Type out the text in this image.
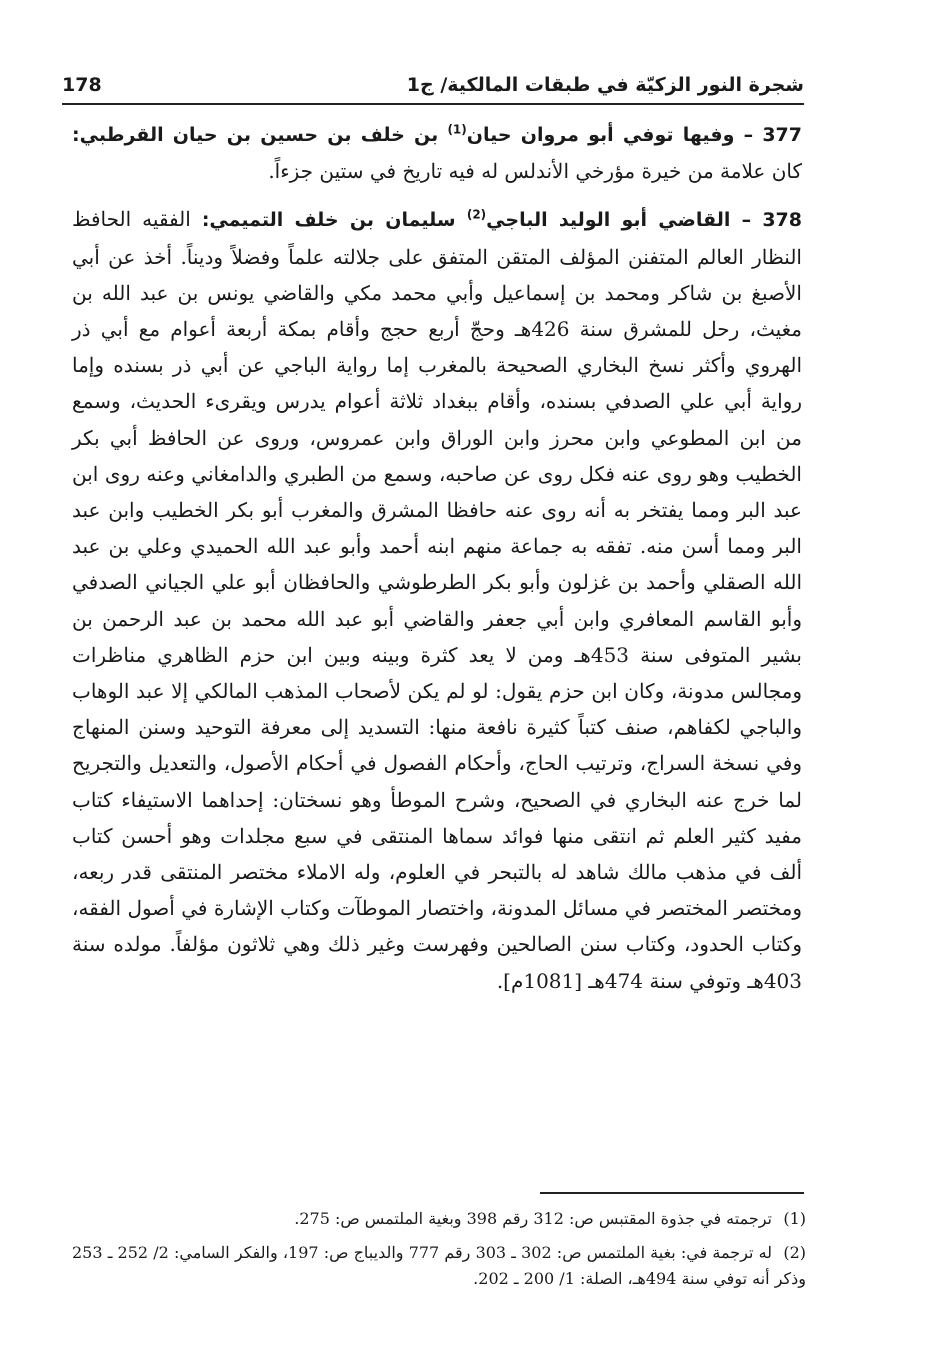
شجرة النور الزكيّة في طبقات المالكية/ ج1
178

377 – وفيها توفي أبو مروان حيان$^{(1)}$ بن خلف بن حسين بن حيان القرطبي: كان علامة من خيرة مؤرخي الأندلس له فيه تاريخ في ستين جزءاً.

378 – القاضي أبو الوليد الباجي$^{(2)}$ سليمان بن خلف التميمي: الفقيه الحافظ النظار العالم المتفنن المؤلف المتقن المتفق على جلالته علماً وفضلاً وديناً. أخذ عن أبي الأصبغ بن شاكر ومحمد بن إسماعيل وأبي محمد مكي والقاضي يونس بن عبد الله بن مغيث، رحل للمشرق سنة 426هـ وحجّ أربع حجج وأقام بمكة أربعة أعوام مع أبي ذر الهروي وأكثر نسخ البخاري الصحيحة بالمغرب إما رواية الباجي عن أبي ذر بسنده وإما رواية أبي علي الصدفي بسنده، وأقام ببغداد ثلاثة أعوام يدرس ويقرىء الحديث، وسمع من ابن المطوعي وابن محرز وابن الوراق وابن عمروس، وروى عن الحافظ أبي بكر الخطيب وهو روى عنه فكل روى عن صاحبه، وسمع من الطبري والدامغاني وعنه روى ابن عبد البر ومما يفتخر به أنه روى عنه حافظا المشرق والمغرب أبو بكر الخطيب وابن عبد البر ومما أسن منه. تفقه به جماعة منهم ابنه أحمد وأبو عبد الله الحميدي وعلي بن عبد الله الصقلي وأحمد بن غزلون وأبو بكر الطرطوشي والحافظان أبو علي الجياني الصدفي وأبو القاسم المعافري وابن أبي جعفر والقاضي أبو عبد الله محمد بن عبد الرحمن بن بشير المتوفى سنة 453هـ ومن لا يعد كثرة وبينه وبين ابن حزم الظاهري مناظرات ومجالس مدونة، وكان ابن حزم يقول: لو لم يكن لأصحاب المذهب المالكي إلا عبد الوهاب والباجي لكفاهم، صنف كتباً كثيرة نافعة منها: التسديد إلى معرفة التوحيد وسنن المنهاج وفي نسخة السراج، وترتيب الحاج، وأحكام الفصول في أحكام الأصول، والتعديل والتجريح لما خرج عنه البخاري في الصحيح، وشرح الموطأ وهو نسختان: إحداهما الاستيفاء كتاب مفيد كثير العلم ثم انتقى منها فوائد سماها المنتقى في سبع مجلدات وهو أحسن كتاب ألف في مذهب مالك شاهد له بالتبحر في العلوم، وله الاملاء مختصر المنتقى قدر ربعه، ومختصر المختصر في مسائل المدونة، واختصار الموطآت وكتاب الإشارة في أصول الفقه، وكتاب الحدود، وكتاب سنن الصالحين وفهرست وغير ذلك وهي ثلاثون مؤلفاً. مولده سنة 403هـ وتوفي سنة 474هـ [1081م].

(1)ترجمته في جذوة المقتبس ص: 312 رقم 398 وبغية الملتمس ص: 275.

(2)له ترجمة في: بغية الملتمس ص: 302 ـ 303 رقم 777 والديباج ص: 197، والفكر السامي: 2/ 252 ـ 253 وذكر أنه توفي سنة 494هـ، الصلة: 1/ 200 ـ 202.
